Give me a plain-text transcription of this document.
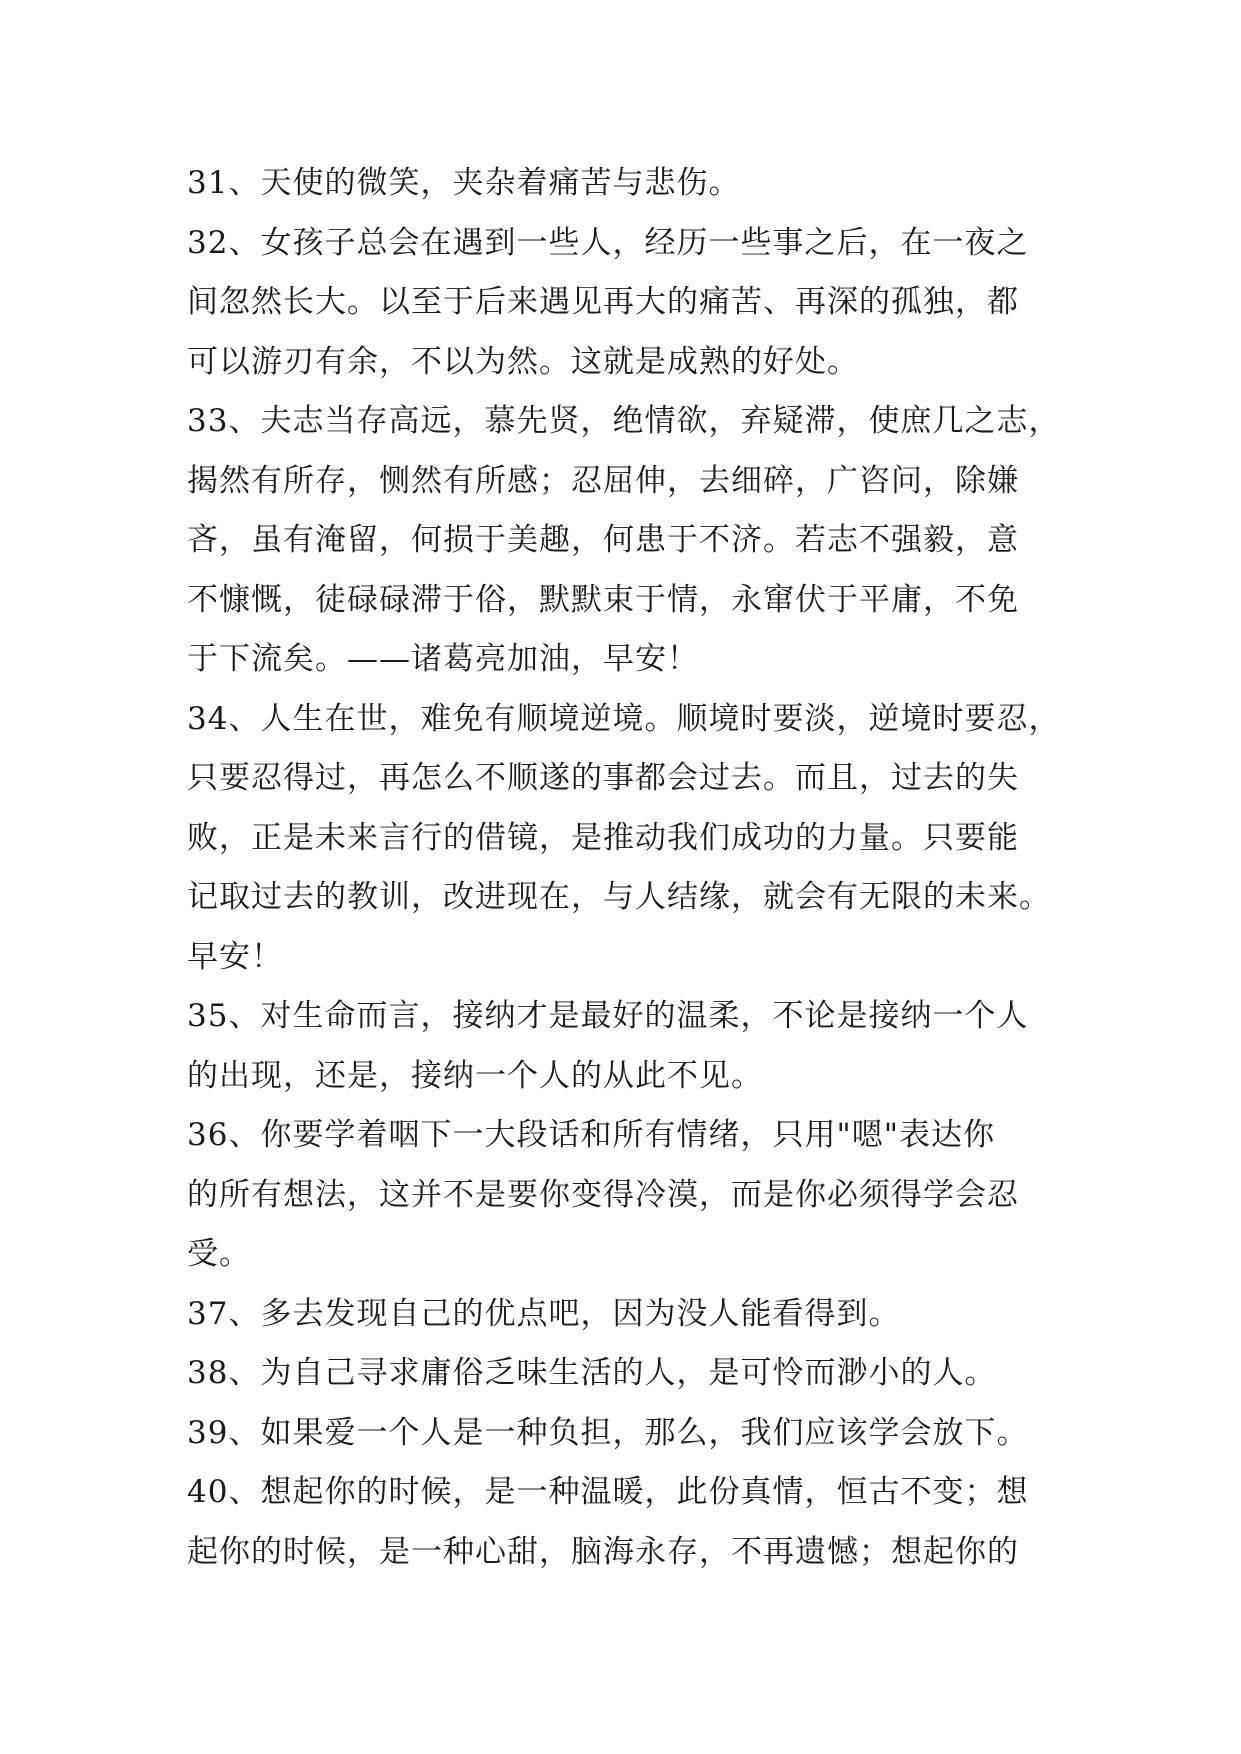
31、天使的微笑，夹杂着痛苦与悲伤。
32、女孩子总会在遇到一些人，经历一些事之后，在一夜之
间忽然长大。以至于后来遇见再大的痛苦、再深的孤独，都
可以游刃有余，不以为然。这就是成熟的好处。
33、夫志当存高远，慕先贤，绝情欲，弃疑滞，使庶几之志，
揭然有所存，恻然有所感；忍屈伸，去细碎，广咨问，除嫌
吝，虽有淹留，何损于美趣，何患于不济。若志不强毅，意
不慷慨，徒碌碌滞于俗，默默束于情，永窜伏于平庸，不免
于下流矣。——诸葛亮加油，早安！
34、人生在世，难免有顺境逆境。顺境时要淡，逆境时要忍，
只要忍得过，再怎么不顺遂的事都会过去。而且，过去的失
败，正是未来言行的借镜，是推动我们成功的力量。只要能
记取过去的教训，改进现在，与人结缘，就会有无限的未来。
早安！
35、对生命而言，接纳才是最好的温柔，不论是接纳一个人
的出现，还是，接纳一个人的从此不见。
36、你要学着咽下一大段话和所有情绪，只用"嗯"表达你
的所有想法，这并不是要你变得冷漠，而是你必须得学会忍
受。
37、多去发现自己的优点吧，因为没人能看得到。
38、为自己寻求庸俗乏味生活的人，是可怜而渺小的人。
39、如果爱一个人是一种负担，那么，我们应该学会放下。
40、想起你的时候，是一种温暖，此份真情，恒古不变；想
起你的时候，是一种心甜，脑海永存，不再遗憾；想起你的
